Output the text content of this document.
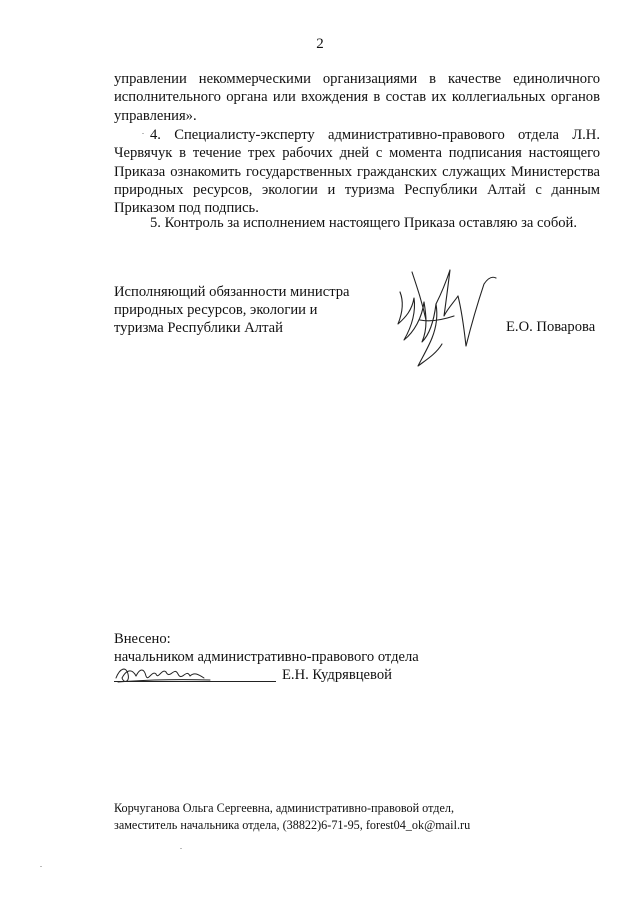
2

управлении некоммерческими организациями в качестве единоличного исполнительного органа или вхождения в состав их коллегиальных органов управления».

4. Специалисту-эксперту административно-правового отдела Л.Н. Червячук в течение трех рабочих дней с момента подписания настоящего Приказа ознакомить государственных гражданских служащих Министерства природных ресурсов, экологии и туризма Республики Алтай с данным Приказом под подпись.

5. Контроль за исполнением настоящего Приказа оставляю за собой.

Исполняющий обязанности министра
природных ресурсов, экологии и
туризма Республики Алтай	Е.О. Поварова
Внесено:
начальником административно-правового отдела
Е.Н. Кудрявцевой
Корчуганова Ольга Сергеевна, административно-правовой отдел,
заместитель начальника отдела, (38822)6-71-95, forest04_ok@mail.ru
